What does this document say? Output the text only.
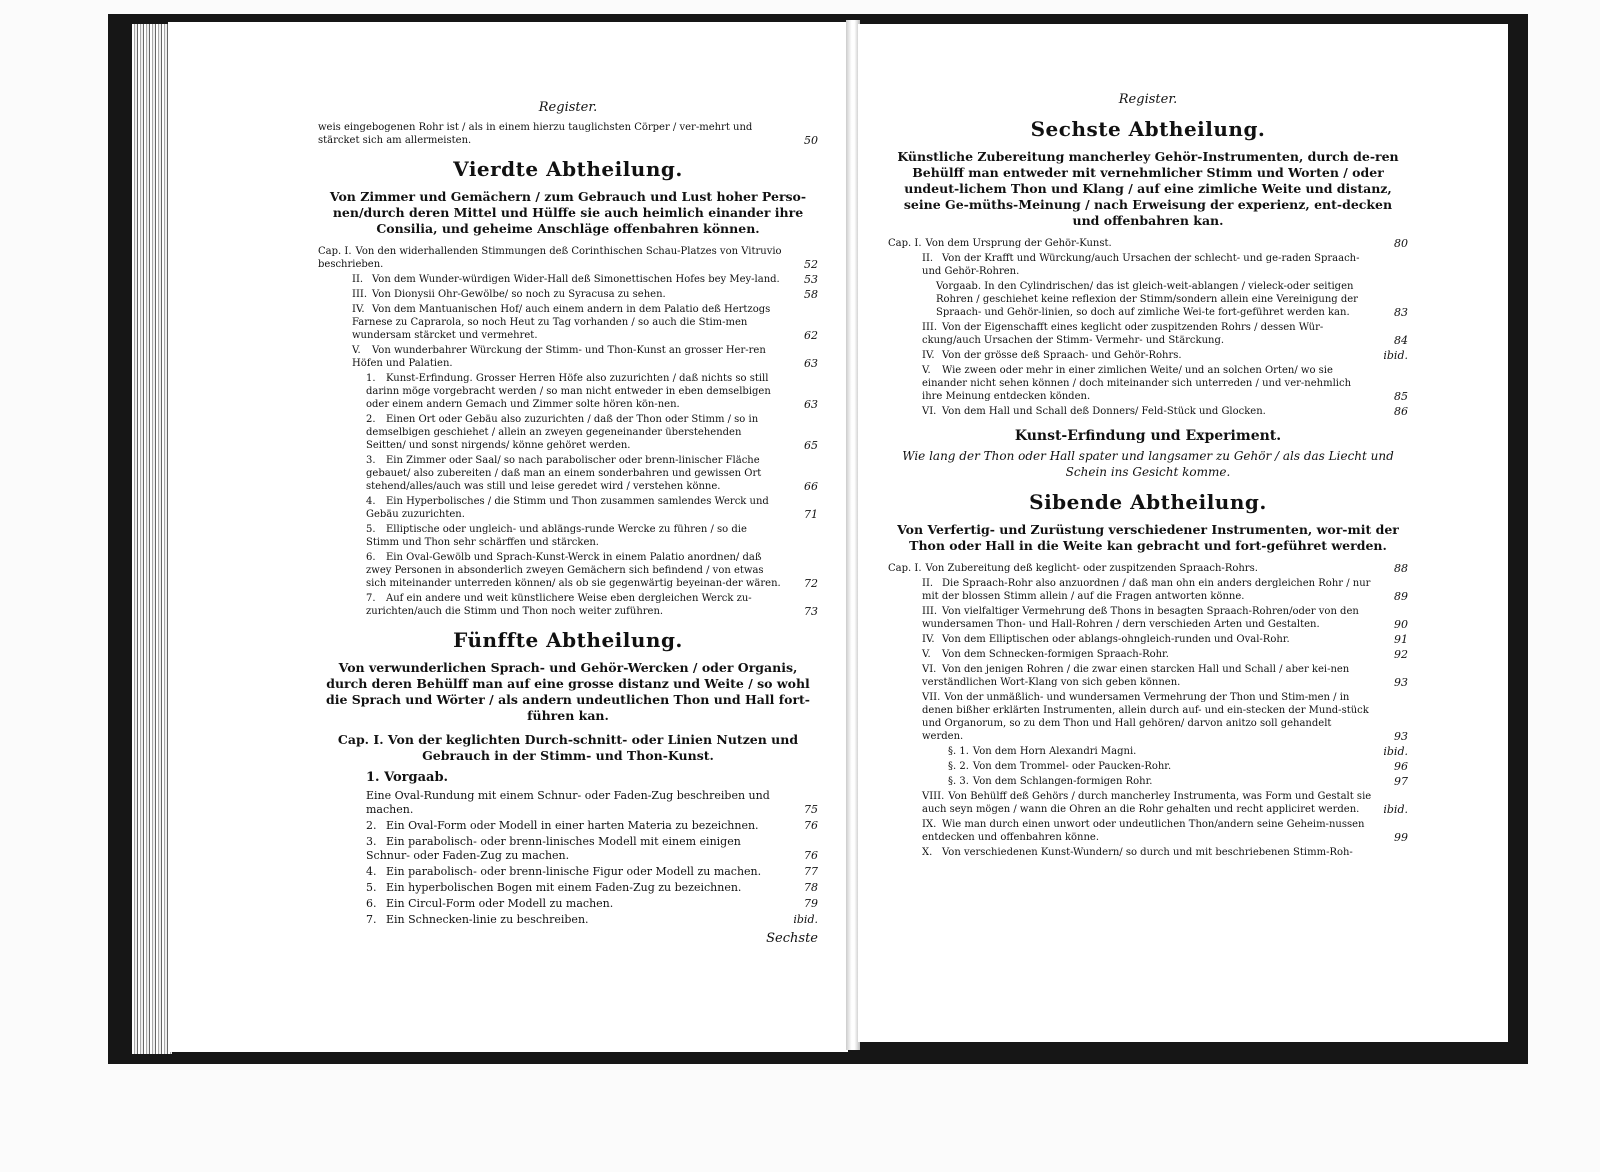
Register.
weis eingebogenen Rohr ist / als in einem hierzu tauglichsten Cörper / ver-mehrt und stärcket sich am allermeisten.	50
Vierdte Abtheilung.
Von Zimmer und Gemächern / zum Gebrauch und Lust hoher Perso-nen/durch deren Mittel und Hülffe sie auch heimlich einander ihre Consilia, und geheime Anschläge offenbahren können.
Cap. I. Von den widerhallenden Stimmungen deß Corinthischen Schau-Platzes von Vitruvio beschrieben.	52
II. Von dem Wunder-würdigen Wider-Hall deß Simonettischen Hofes bey Mey-land. 53
III. Von Dionysii Ohr-Gewölbe/ so noch zu Syracusa zu sehen.	58
IV. Von dem Mantuanischen Hof/ auch einem andern in dem Palatio deß Hertzogs Farnese zu Caprarola, so noch Heut zu Tag vorhanden / so auch die Stim-men wundersam stärcket und vermehret.	62
V. Von wunderbahrer Würckung der Stimm- und Thon-Kunst an grosser Her-ren Höfen und Palatien.	63
1. Kunst-Erfindung. Grosser Herren Höfe also zuzurichten / daß nichts so still darinn möge vorgebracht werden / so man nicht entweder in eben demselbigen oder einem andern Gemach und Zimmer solte hören kön-nen.	63
2. Einen Ort oder Gebäu also zuzurichten / daß der Thon oder Stimm / so in demselbigen geschiehet / allein an zweyen gegeneinander überstehenden Seitten/ und sonst nirgends/ könne gehöret werden.	65
3. Ein Zimmer oder Saal/ so nach parabolischer oder brenn-linischer Fläche gebauet/ also zubereiten / daß man an einem sonderbahren und gewissen Ort stehend/alles/auch was still und leise geredet wird / verstehen könne.	66
4. Ein Hyperbolisches / die Stimm und Thon zusammen samlendes Werck und Gebäu zuzurichten.	71
5. Elliptische oder ungleich- und ablängs-runde Wercke zu führen / so die Stimm und Thon sehr schärffen und stärcken.
6. Ein Oval-Gewölb und Sprach-Kunst-Werck in einem Palatio anordnen/ daß zwey Personen in absonderlich zweyen Gemächern sich befindend / von etwas sich miteinander unterreden können/ als ob sie gegenwärtig beyeinan-der wären. 72
7. Auf ein andere und weit künstlichere Weise eben dergleichen Werck zu-zurichten/auch die Stimm und Thon noch weiter zuführen.	73
Fünffte Abtheilung.
Von verwunderlichen Sprach- und Gehör-Wercken / oder Organis, durch deren Behülff man auf eine grosse distanz und Weite / so wohl die Sprach und Wörter / als andern undeutlichen Thon und Hall fort-führen kan.
Cap. I. Von der keglichten Durch-schnitt- oder Linien Nutzen und Gebrauch in der Stimm- und Thon-Kunst.
1. Vorgaab.
Eine Oval-Rundung mit einem Schnur- oder Faden-Zug beschreiben und machen.	75
2. Ein Oval-Form oder Modell in einer harten Materia zu bezeichnen.	76
3. Ein parabolisch- oder brenn-linisches Modell mit einem einigen Schnur- oder Faden-Zug zu machen.	76
4. Ein parabolisch- oder brenn-linische Figur oder Modell zu machen.	77
5. Ein hyperbolischen Bogen mit einem Faden-Zug zu bezeichnen.	78
6. Ein Circul-Form oder Modell zu machen.	79
7. Ein Schnecken-linie zu beschreiben.	ibid.
Sechste
Register.
Sechste Abtheilung.
Künstliche Zubereitung mancherley Gehör-Instrumenten, durch de-ren Behülff man entweder mit vernehmlicher Stimm und Worten / oder undeut-lichem Thon und Klang / auf eine zimliche Weite und distanz, seine Ge-müths-Meinung / nach Erweisung der experienz, ent-decken und offenbahren kan.
Cap. I. Von dem Ursprung der Gehör-Kunst.	80
II. Von der Krafft und Würckung/auch Ursachen der schlecht- und ge-raden Spraach- und Gehör-Rohren.
Vorgaab. In den Cylindrischen/ das ist gleich-weit-ablangen / vieleck-oder seitigen Rohren / geschiehet keine reflexion der Stimm/sondern allein eine Vereinigung der Spraach- und Gehör-linien, so doch auf zimliche Wei-te fort-geführet werden kan.	83
III. Von der Eigenschafft eines keglicht oder zuspitzenden Rohrs / dessen Wür-ckung/auch Ursachen der Stimm- Vermehr- und Stärckung.	84
IV. Von der grösse deß Spraach- und Gehör-Rohrs.	ibid.
V. Wie zween oder mehr in einer zimlichen Weite/ und an solchen Orten/ wo sie einander nicht sehen können / doch miteinander sich unterreden / und ver-nehmlich ihre Meinung entdecken könden.	85
VI. Von dem Hall und Schall deß Donners/ Feld-Stück und Glocken.	86
Kunst-Erfindung und Experiment.
Wie lang der Thon oder Hall spater und langsamer zu Gehör / als das Liecht und Schein ins Gesicht komme.
Sibende Abtheilung.
Von Verfertig- und Zurüstung verschiedener Instrumenten, wor-mit der Thon oder Hall in die Weite kan gebracht und fort-geführet werden.
Cap. I. Von Zubereitung deß keglicht- oder zuspitzenden Spraach-Rohrs.	88
II. Die Spraach-Rohr also anzuordnen / daß man ohn ein anders dergleichen Rohr / nur mit der blossen Stimm allein / auf die Fragen antworten könne.	89
III. Von vielfaltiger Vermehrung deß Thons in besagten Spraach-Rohren/oder von den wundersamen Thon- und Hall-Rohren / dern verschieden Arten und Gestalten.	90
IV. Von dem Elliptischen oder ablangs-ohngleich-runden und Oval-Rohr.	91
V. Von dem Schnecken-formigen Spraach-Rohr.	92
VI. Von den jenigen Rohren / die zwar einen starcken Hall und Schall / aber kei-nen verständlichen Wort-Klang von sich geben können.	93
VII. Von der unmäßlich- und wundersamen Vermehrung der Thon und Stim-men / in denen bißher erklärten Instrumenten, allein durch auf- und ein-stecken der Mund-stück und Organorum, so zu dem Thon und Hall gehören/ darvon anitzo soll gehandelt werden.	93
§. 1. Von dem Horn Alexandri Magni.	ibid.
§. 2. Von dem Trommel- oder Paucken-Rohr.	96
§. 3. Von dem Schlangen-formigen Rohr.	97
VIII. Von Behülff deß Gehörs / durch mancherley Instrumenta, was Form und Gestalt sie auch seyn mögen / wann die Ohren an die Rohr gehalten und recht appliciret werden. ibid.
IX. Wie man durch einen unwort oder undeutlichen Thon/andern seine Geheim-nussen entdecken und offenbahren könne.	99
X. Von verschiedenen Kunst-Wundern/ so durch und mit beschriebenen Stimm-Roh-
